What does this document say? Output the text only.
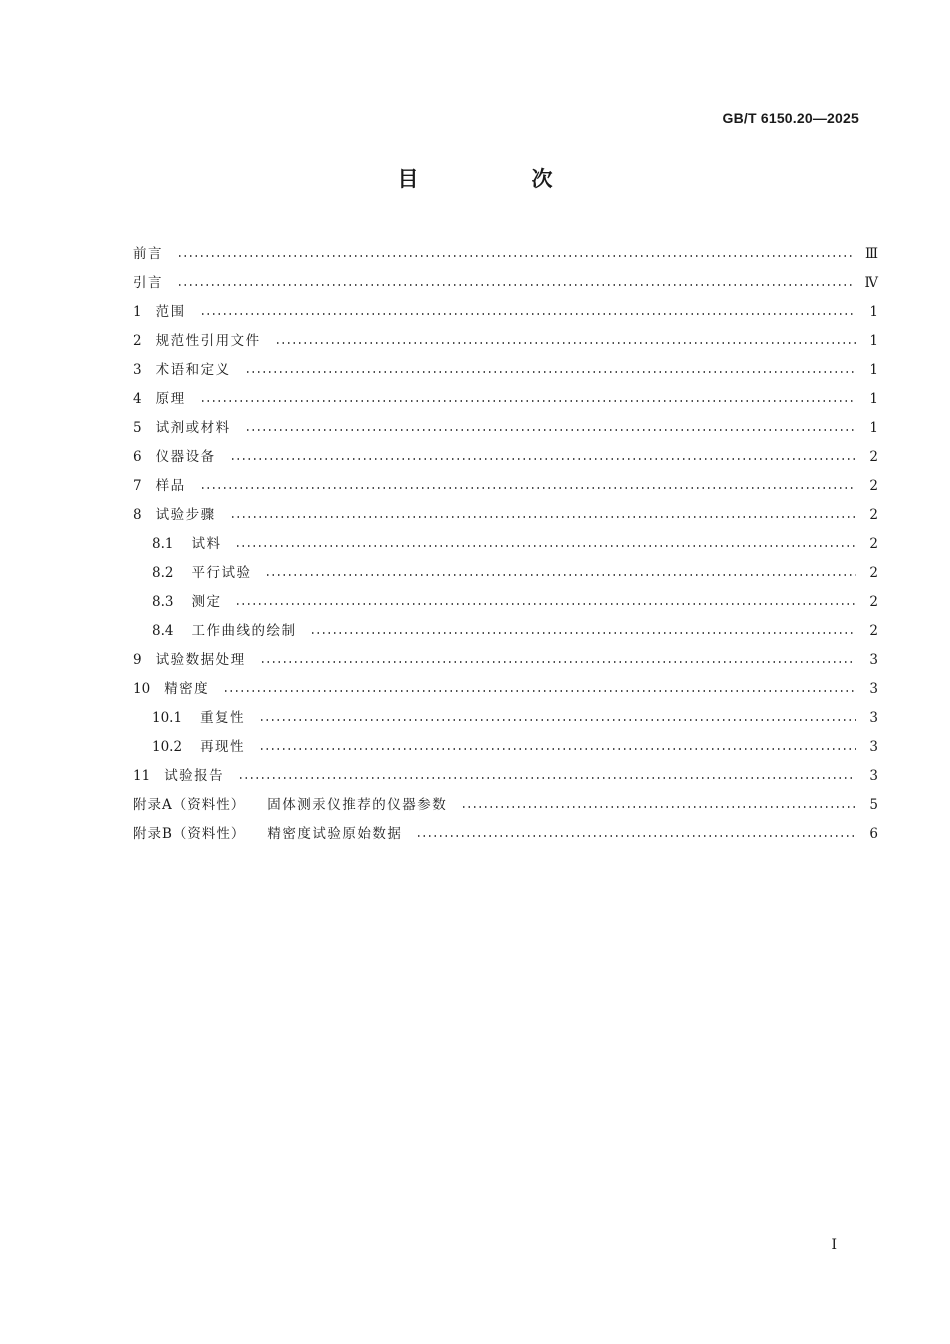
GB/T 6150.20—2025
目　次
前言	Ⅲ
引言	Ⅳ
1 范围	1
2 规范性引用文件	1
3 术语和定义	1
4 原理	1
5 试剂或材料	1
6 仪器设备	2
7 样品	2
8 试验步骤	2
8.1 试料	2
8.2 平行试验	2
8.3 测定	2
8.4 工作曲线的绘制	2
9 试验数据处理	3
10 精密度	3
10.1 重复性	3
10.2 再现性	3
11 试验报告	3
附录A（资料性） 固体测汞仪推荐的仪器参数	5
附录B（资料性） 精密度试验原始数据	6
Ⅰ
